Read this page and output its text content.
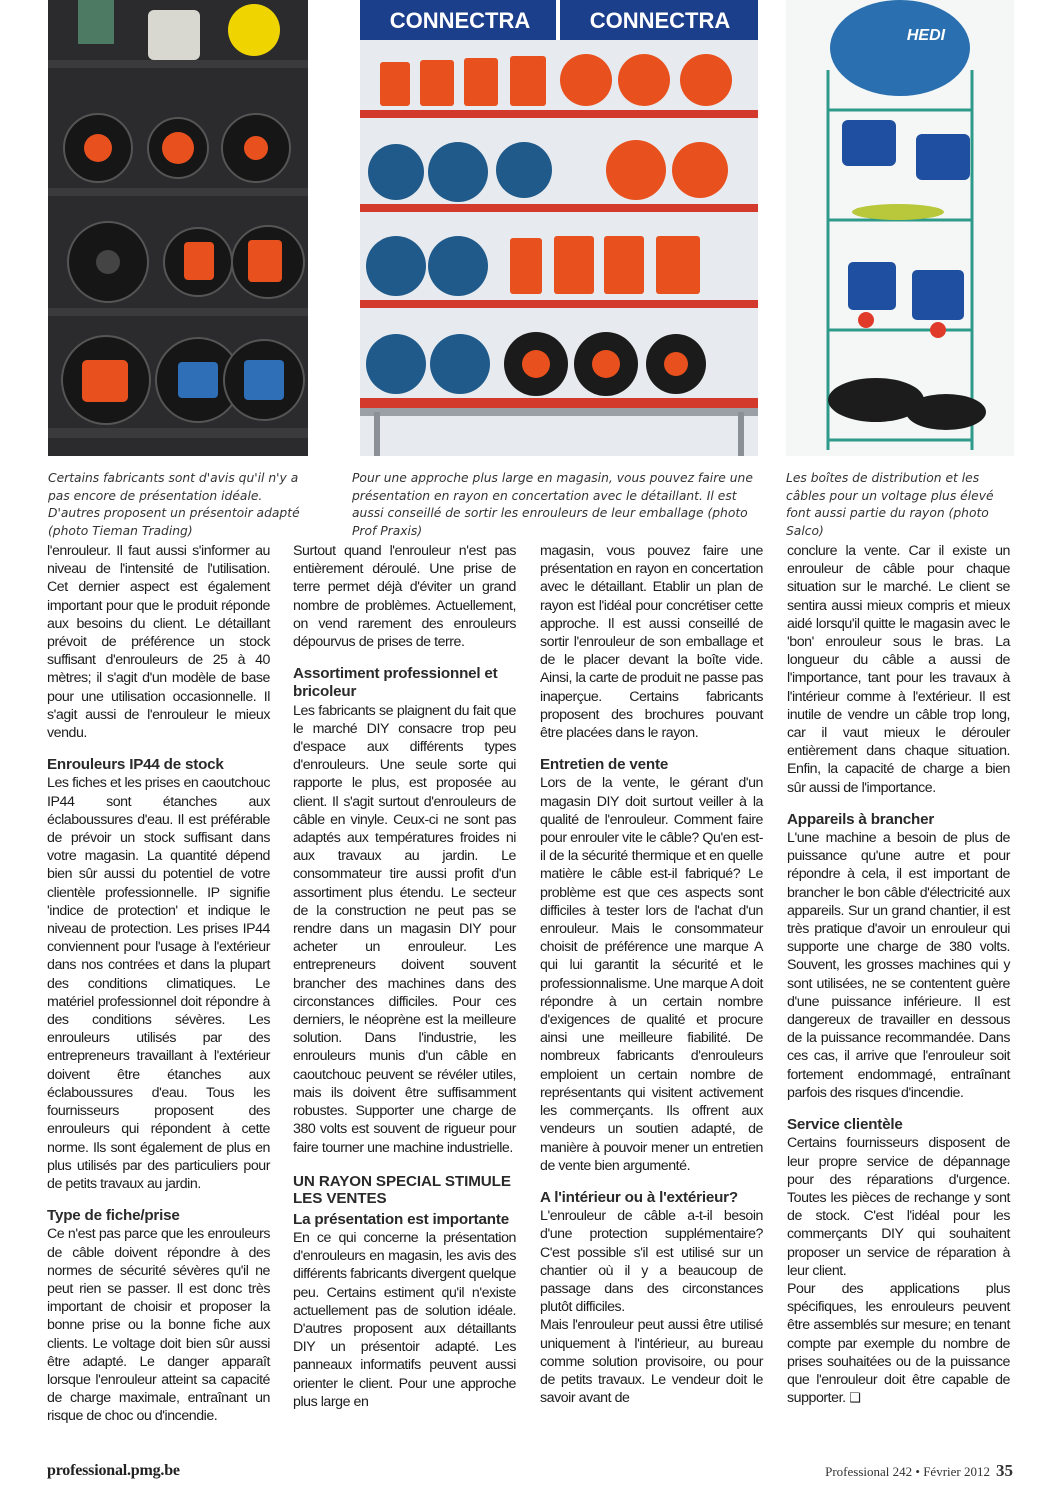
CONNECTRA	CONNECTRA
HEDI
Certains fabricants sont d'avis qu'il n'y a pas encore de présentation idéale. D'autres proposent un présentoir adapté (photo Tieman Trading)
Pour une approche plus large en magasin, vous pouvez faire une présentation en rayon en concertation avec le détaillant. Il est aussi conseillé de sortir les enrouleurs de leur emballage (photo Prof Praxis)
Les boîtes de distribution et les câbles pour un voltage plus élevé font aussi partie du rayon (photo Salco)

l'enrouleur. Il faut aussi s'informer au niveau de l'intensité de l'utilisation. Cet dernier aspect est également important pour que le produit réponde aux besoins du client. Le détaillant prévoit de préférence un stock suffisant d'enrouleurs de 25 à 40 mètres; il s'agit d'un modèle de base pour une utilisation occasionnelle. Il s'agit aussi de l'enrouleur le mieux vendu.

Enrouleurs IP44 de stock

Les fiches et les prises en caoutchouc IP44 sont étanches aux éclaboussures d'eau. Il est préférable de prévoir un stock suffisant dans votre magasin. La quantité dépend bien sûr aussi du potentiel de votre clientèle professionnelle. IP signifie 'indice de protection' et indique le niveau de protection. Les prises IP44 conviennent pour l'usage à l'extérieur dans nos contrées et dans la plupart des conditions climatiques. Le matériel professionnel doit répondre à des conditions sévères. Les enrouleurs utilisés par des entrepreneurs travaillant à l'extérieur doivent être étanches aux éclaboussures d'eau. Tous les fournisseurs proposent des enrouleurs qui répondent à cette norme. Ils sont également de plus en plus utilisés par des particuliers pour de petits travaux au jardin.

Type de fiche/prise

Ce n'est pas parce que les enrouleurs de câble doivent répondre à des normes de sécurité sévères qu'il ne peut rien se passer. Il est donc très important de choisir et proposer la bonne prise ou la bonne fiche aux clients. Le voltage doit bien sûr aussi être adapté. Le danger apparaît lorsque l'enrouleur atteint sa capacité de charge maximale, entraînant un risque de choc ou d'incendie.

Surtout quand l'enrouleur n'est pas entièrement déroulé. Une prise de terre permet déjà d'éviter un grand nombre de problèmes. Actuellement, on vend rarement des enrouleurs dépourvus de prises de terre.

Assortiment professionnel et bricoleur

Les fabricants se plaignent du fait que le marché DIY consacre trop peu d'espace aux différents types d'enrouleurs. Une seule sorte qui rapporte le plus, est proposée au client. Il s'agit surtout d'enrouleurs de câble en vinyle. Ceux-ci ne sont pas adaptés aux températures froides ni aux travaux au jardin. Le consommateur tire aussi profit d'un assortiment plus étendu. Le secteur de la construction ne peut pas se rendre dans un magasin DIY pour acheter un enrouleur. Les entrepreneurs doivent souvent brancher des machines dans des circonstances difficiles. Pour ces derniers, le néoprène est la meilleure solution. Dans l'industrie, les enrouleurs munis d'un câble en caoutchouc peuvent se révéler utiles, mais ils doivent être suffisamment robustes. Supporter une charge de 380 volts est souvent de rigueur pour faire tourner une machine industrielle.

UN RAYON SPECIAL STIMULE LES VENTES
La présentation est importante

En ce qui concerne la présentation d'enrouleurs en magasin, les avis des différents fabricants divergent quelque peu. Certains estiment qu'il n'existe actuellement pas de solution idéale. D'autres proposent aux détaillants DIY un présentoir adapté. Les panneaux informatifs peuvent aussi orienter le client. Pour une approche plus large en

magasin, vous pouvez faire une présentation en rayon en concertation avec le détaillant. Etablir un plan de rayon est l'idéal pour concrétiser cette approche. Il est aussi conseillé de sortir l'enrouleur de son emballage et de le placer devant la boîte vide. Ainsi, la carte de produit ne passe pas inaperçue. Certains fabricants proposent des brochures pouvant être placées dans le rayon.

Entretien de vente

Lors de la vente, le gérant d'un magasin DIY doit surtout veiller à la qualité de l'enrouleur. Comment faire pour enrouler vite le câble? Qu'en est-il de la sécurité thermique et en quelle matière le câble est-il fabriqué? Le problème est que ces aspects sont difficiles à tester lors de l'achat d'un enrouleur. Mais le consommateur choisit de préférence une marque A qui lui garantit la sécurité et le professionnalisme. Une marque A doit répondre à un certain nombre d'exigences de qualité et procure ainsi une meilleure fiabilité. De nombreux fabricants d'enrouleurs emploient un certain nombre de représentants qui visitent activement les commerçants. Ils offrent aux vendeurs un soutien adapté, de manière à pouvoir mener un entretien de vente bien argumenté.

A l'intérieur ou à l'extérieur?

L'enrouleur de câble a-t-il besoin d'une protection supplémentaire? C'est possible s'il est utilisé sur un chantier où il y a beaucoup de passage dans des circonstances plutôt difficiles.

Mais l'enrouleur peut aussi être utilisé uniquement à l'intérieur, au bureau comme solution provisoire, ou pour de petits travaux. Le vendeur doit le savoir avant de

conclure la vente. Car il existe un enrouleur de câble pour chaque situation sur le marché. Le client se sentira aussi mieux compris et mieux aidé lorsqu'il quitte le magasin avec le 'bon' enrouleur sous le bras. La longueur du câble a aussi de l'importance, tant pour les travaux à l'intérieur comme à l'extérieur. Il est inutile de vendre un câble trop long, car il vaut mieux le dérouler entièrement dans chaque situation. Enfin, la capacité de charge a bien sûr aussi de l'importance.

Appareils à brancher

L'une machine a besoin de plus de puissance qu'une autre et pour répondre à cela, il est important de brancher le bon câble d'électricité aux appareils. Sur un grand chantier, il est très pratique d'avoir un enrouleur qui supporte une charge de 380 volts. Souvent, les grosses machines qui y sont utilisées, ne se contentent guère d'une puissance inférieure. Il est dangereux de travailler en dessous de la puissance recommandée. Dans ces cas, il arrive que l'enrouleur soit fortement endommagé, entraînant parfois des risques d'incendie.

Service clientèle

Certains fournisseurs disposent de leur propre service de dépannage pour des réparations d'urgence. Toutes les pièces de rechange y sont de stock. C'est l'idéal pour les commerçants DIY qui souhaitent proposer un service de réparation à leur client.

Pour des applications plus spécifiques, les enrouleurs peuvent être assemblés sur mesure; en tenant compte par exemple du nombre de prises souhaitées ou de la puissance que l'enrouleur doit être capable de supporter. ❑

professional.pmg.be	Professional 242 • Février 2012 35
